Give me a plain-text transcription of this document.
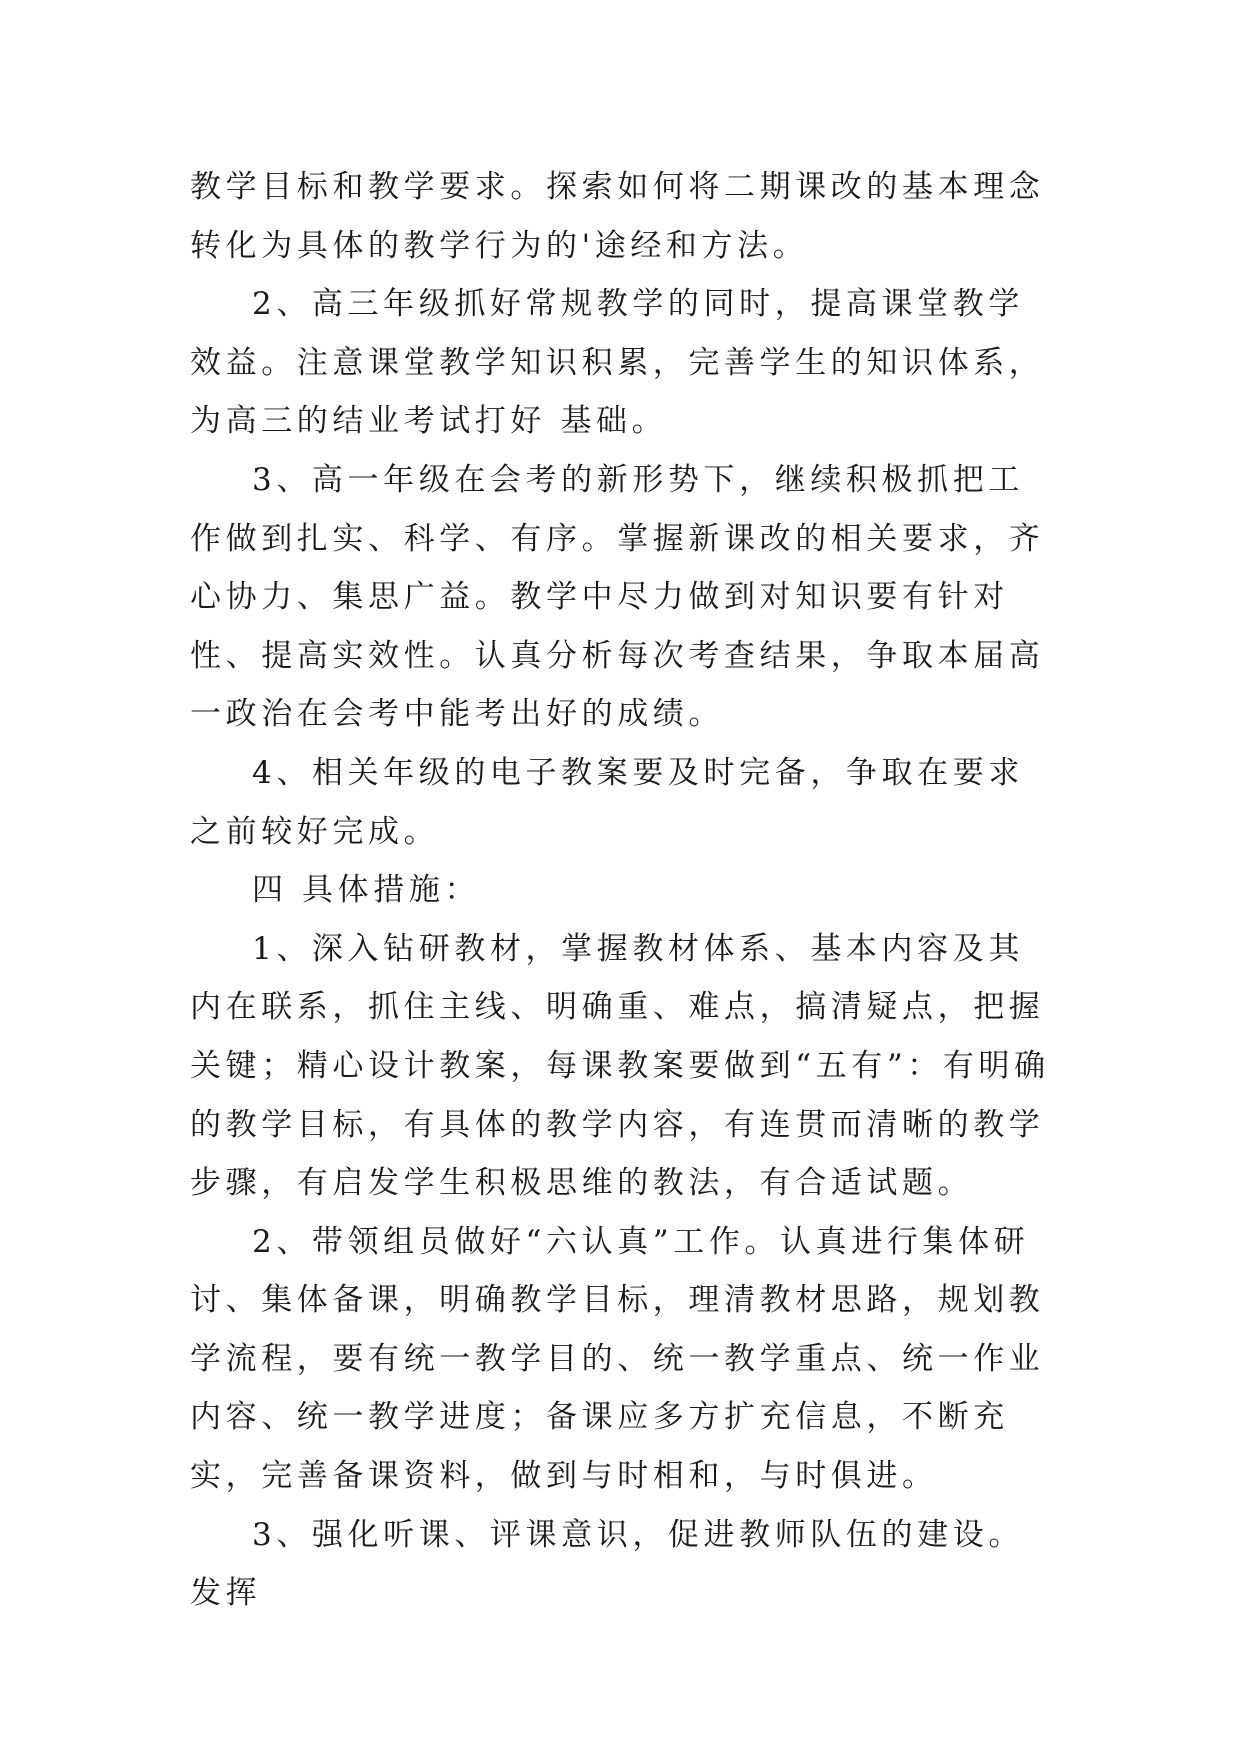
教学目标和教学要求。探索如何将二期课改的基本理念转化为具体的教学行为的'途经和方法。

2、高三年级抓好常规教学的同时，提高课堂教学效益。注意课堂教学知识积累，完善学生的知识体系，为高三的结业考试打好 基础。

3、高一年级在会考的新形势下，继续积极抓把工作做到扎实、科学、有序。掌握新课改的相关要求，齐心协力、集思广益。教学中尽力做到对知识要有针对性、提高实效性。认真分析每次考查结果，争取本届高一政治在会考中能考出好的成绩。

4、相关年级的电子教案要及时完备，争取在要求之前较好完成。

四 具体措施：

1、深入钻研教材，掌握教材体系、基本内容及其内在联系，抓住主线、明确重、难点，搞清疑点，把握关键；精心设计教案，每课教案要做到“五有”：有明确的教学目标，有具体的教学内容，有连贯而清晰的教学步骤，有启发学生积极思维的教法，有合适试题。

2、带领组员做好“六认真”工作。认真进行集体研讨、集体备课，明确教学目标，理清教材思路，规划教学流程，要有统一教学目的、统一教学重点、统一作业内容、统一教学进度；备课应多方扩充信息，不断充实，完善备课资料，做到与时相和，与时俱进。

3、强化听课、评课意识，促进教师队伍的建设。发挥
